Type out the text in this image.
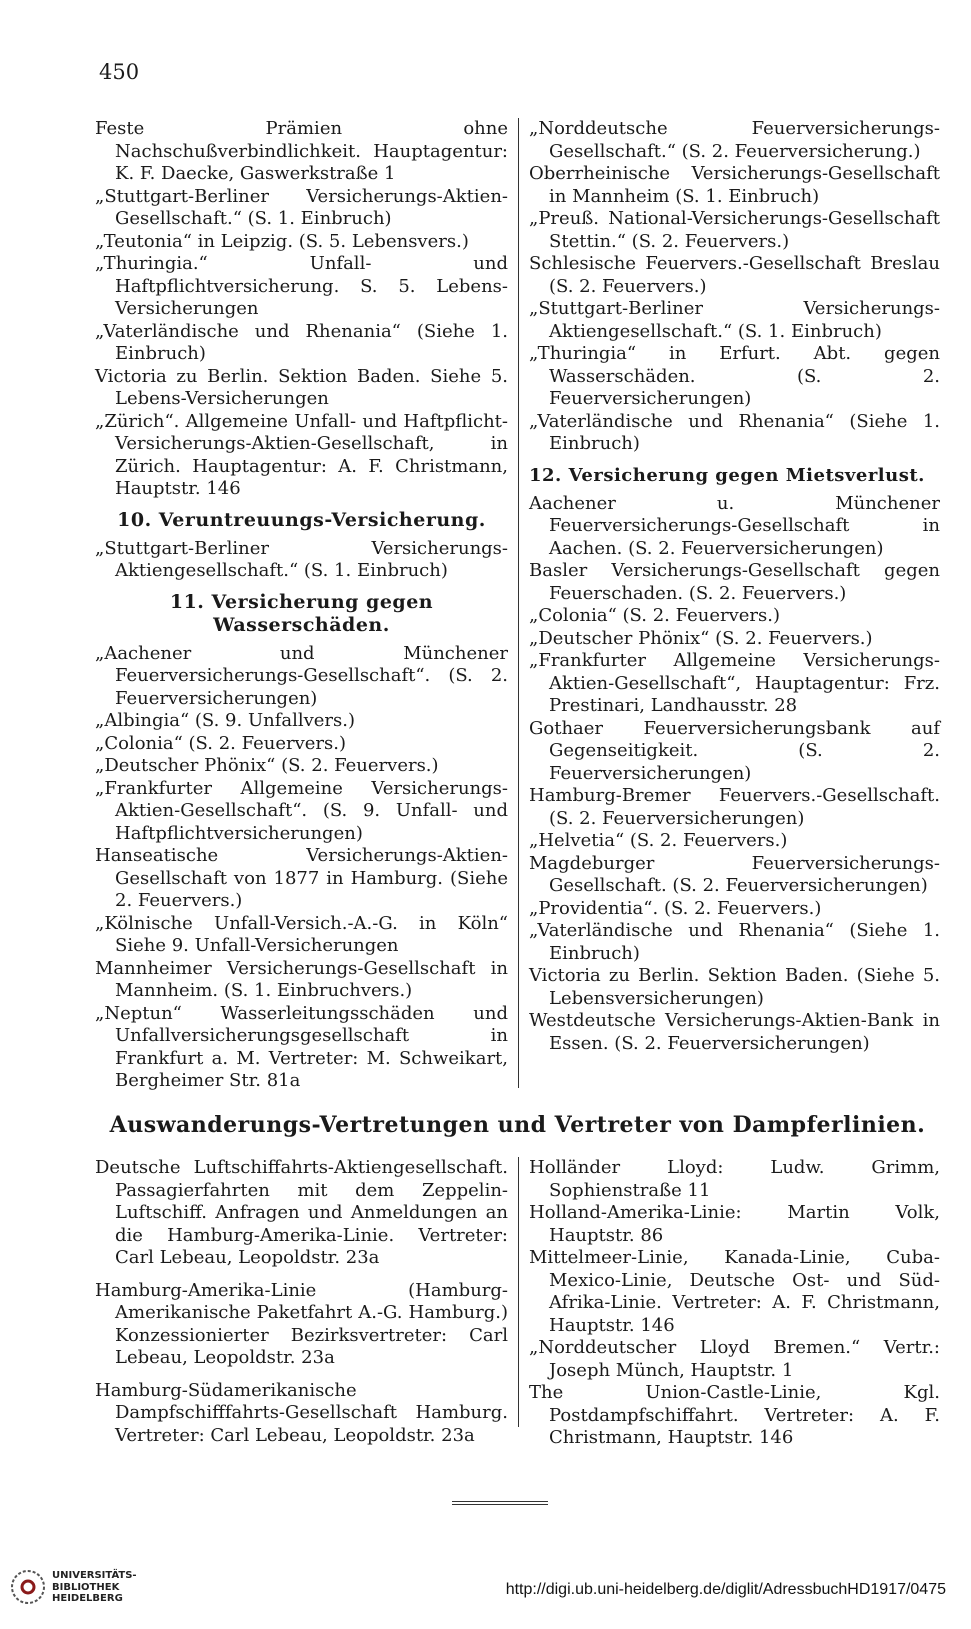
450

Feste Prämien ohne Nachschußverbindlichkeit. Hauptagentur: K. F. Daecke, Gaswerkstraße 1

„Stuttgart-Berliner Versicherungs-Aktien-Gesellschaft.“ (S. 1. Einbruch)

„Teutonia“ in Leipzig. (S. 5. Lebensvers.)

„Thuringia.“ Unfall- und Haftpflichtversicherung. S. 5. Lebens-Versicherungen

„Vaterländische und Rhenania“ (Siehe 1. Einbruch)

Victoria zu Berlin. Sektion Baden. Siehe 5. Lebens-Versicherungen

„Zürich“. Allgemeine Unfall- und Haftpflicht-Versicherungs-Aktien-Gesellschaft, in Zürich. Hauptagentur: A. F. Christmann, Hauptstr. 146

10. Veruntreuungs-Versicherung.

„Stuttgart-Berliner Versicherungs-Aktiengesellschaft.“ (S. 1. Einbruch)

11. Versicherung gegen Wasserschäden.

„Aachener und Münchener Feuerversicherungs-Gesellschaft“. (S. 2. Feuerversicherungen)

„Albingia“ (S. 9. Unfallvers.)

„Colonia“ (S. 2. Feuervers.)

„Deutscher Phönix“ (S. 2. Feuervers.)

„Frankfurter Allgemeine Versicherungs-Aktien-Gesellschaft“. (S. 9. Unfall- und Haftpflichtversicherungen)

Hanseatische Versicherungs-Aktien-Gesellschaft von 1877 in Hamburg. (Siehe 2. Feuervers.)

„Kölnische Unfall-Versich.-A.-G. in Köln“ Siehe 9. Unfall-Versicherungen

Mannheimer Versicherungs-Gesellschaft in Mannheim. (S. 1. Einbruchvers.)

„Neptun“ Wasserleitungsschäden und Unfallversicherungsgesellschaft in Frankfurt a. M. Vertreter: M. Schweikart, Bergheimer Str. 81a

„Norddeutsche Feuerversicherungs-Gesellschaft.“ (S. 2. Feuerversicherung.)

Oberrheinische Versicherungs-Gesellschaft in Mannheim (S. 1. Einbruch)

„Preuß. National-Versicherungs-Gesellschaft Stettin.“ (S. 2. Feuervers.)

Schlesische Feuervers.-Gesellschaft Breslau (S. 2. Feuervers.)

„Stuttgart-Berliner Versicherungs-Aktiengesellschaft.“ (S. 1. Einbruch)

„Thuringia“ in Erfurt. Abt. gegen Wasserschäden. (S. 2. Feuerversicherungen)

„Vaterländische und Rhenania“ (Siehe 1. Einbruch)

12. Versicherung gegen Mietsverlust.

Aachener u. Münchener Feuerversicherungs-Gesellschaft in Aachen. (S. 2. Feuerversicherungen)

Basler Versicherungs-Gesellschaft gegen Feuerschaden. (S. 2. Feuervers.)

„Colonia“ (S. 2. Feuervers.)

„Deutscher Phönix“ (S. 2. Feuervers.)

„Frankfurter Allgemeine Versicherungs-Aktien-Gesellschaft“, Hauptagentur: Frz. Prestinari, Landhausstr. 28

Gothaer Feuerversicherungsbank auf Gegenseitigkeit. (S. 2. Feuerversicherungen)

Hamburg-Bremer Feuervers.-Gesellschaft. (S. 2. Feuerversicherungen)

„Helvetia“ (S. 2. Feuervers.)

Magdeburger Feuerversicherungs-Gesellschaft. (S. 2. Feuerversicherungen)

„Providentia“. (S. 2. Feuervers.)

„Vaterländische und Rhenania“ (Siehe 1. Einbruch)

Victoria zu Berlin. Sektion Baden. (Siehe 5. Lebensversicherungen)

Westdeutsche Versicherungs-Aktien-Bank in Essen. (S. 2. Feuerversicherungen)

Auswanderungs-Vertretungen und Vertreter von Dampferlinien.

Deutsche Luftschiffahrts-Aktiengesellschaft. Passagierfahrten mit dem Zeppelin-Luftschiff. Anfragen und Anmeldungen an die Hamburg-Amerika-Linie. Vertreter: Carl Lebeau, Leopoldstr. 23a

Hamburg-Amerika-Linie (Hamburg-Amerikanische Paketfahrt A.-G. Hamburg.) Konzessionierter Bezirksvertreter: Carl Lebeau, Leopoldstr. 23a

Hamburg-Südamerikanische Dampfschifffahrts-Gesellschaft Hamburg. Vertreter: Carl Lebeau, Leopoldstr. 23a

Holländer Lloyd: Ludw. Grimm, Sophienstraße 11

Holland-Amerika-Linie: Martin Volk, Hauptstr. 86

Mittelmeer-Linie, Kanada-Linie, Cuba-Mexico-Linie, Deutsche Ost- und Süd-Afrika-Linie. Vertreter: A. F. Christmann, Hauptstr. 146

„Norddeutscher Lloyd Bremen.“ Vertr.: Joseph Münch, Hauptstr. 1

The Union-Castle-Linie, Kgl. Postdampfschiffahrt. Vertreter: A. F. Christmann, Hauptstr. 146

UNIVERSITÄTS-
BIBLIOTHEK
HEIDELBERG
http://digi.ub.uni-heidelberg.de/diglit/AdressbuchHD1917/0475
